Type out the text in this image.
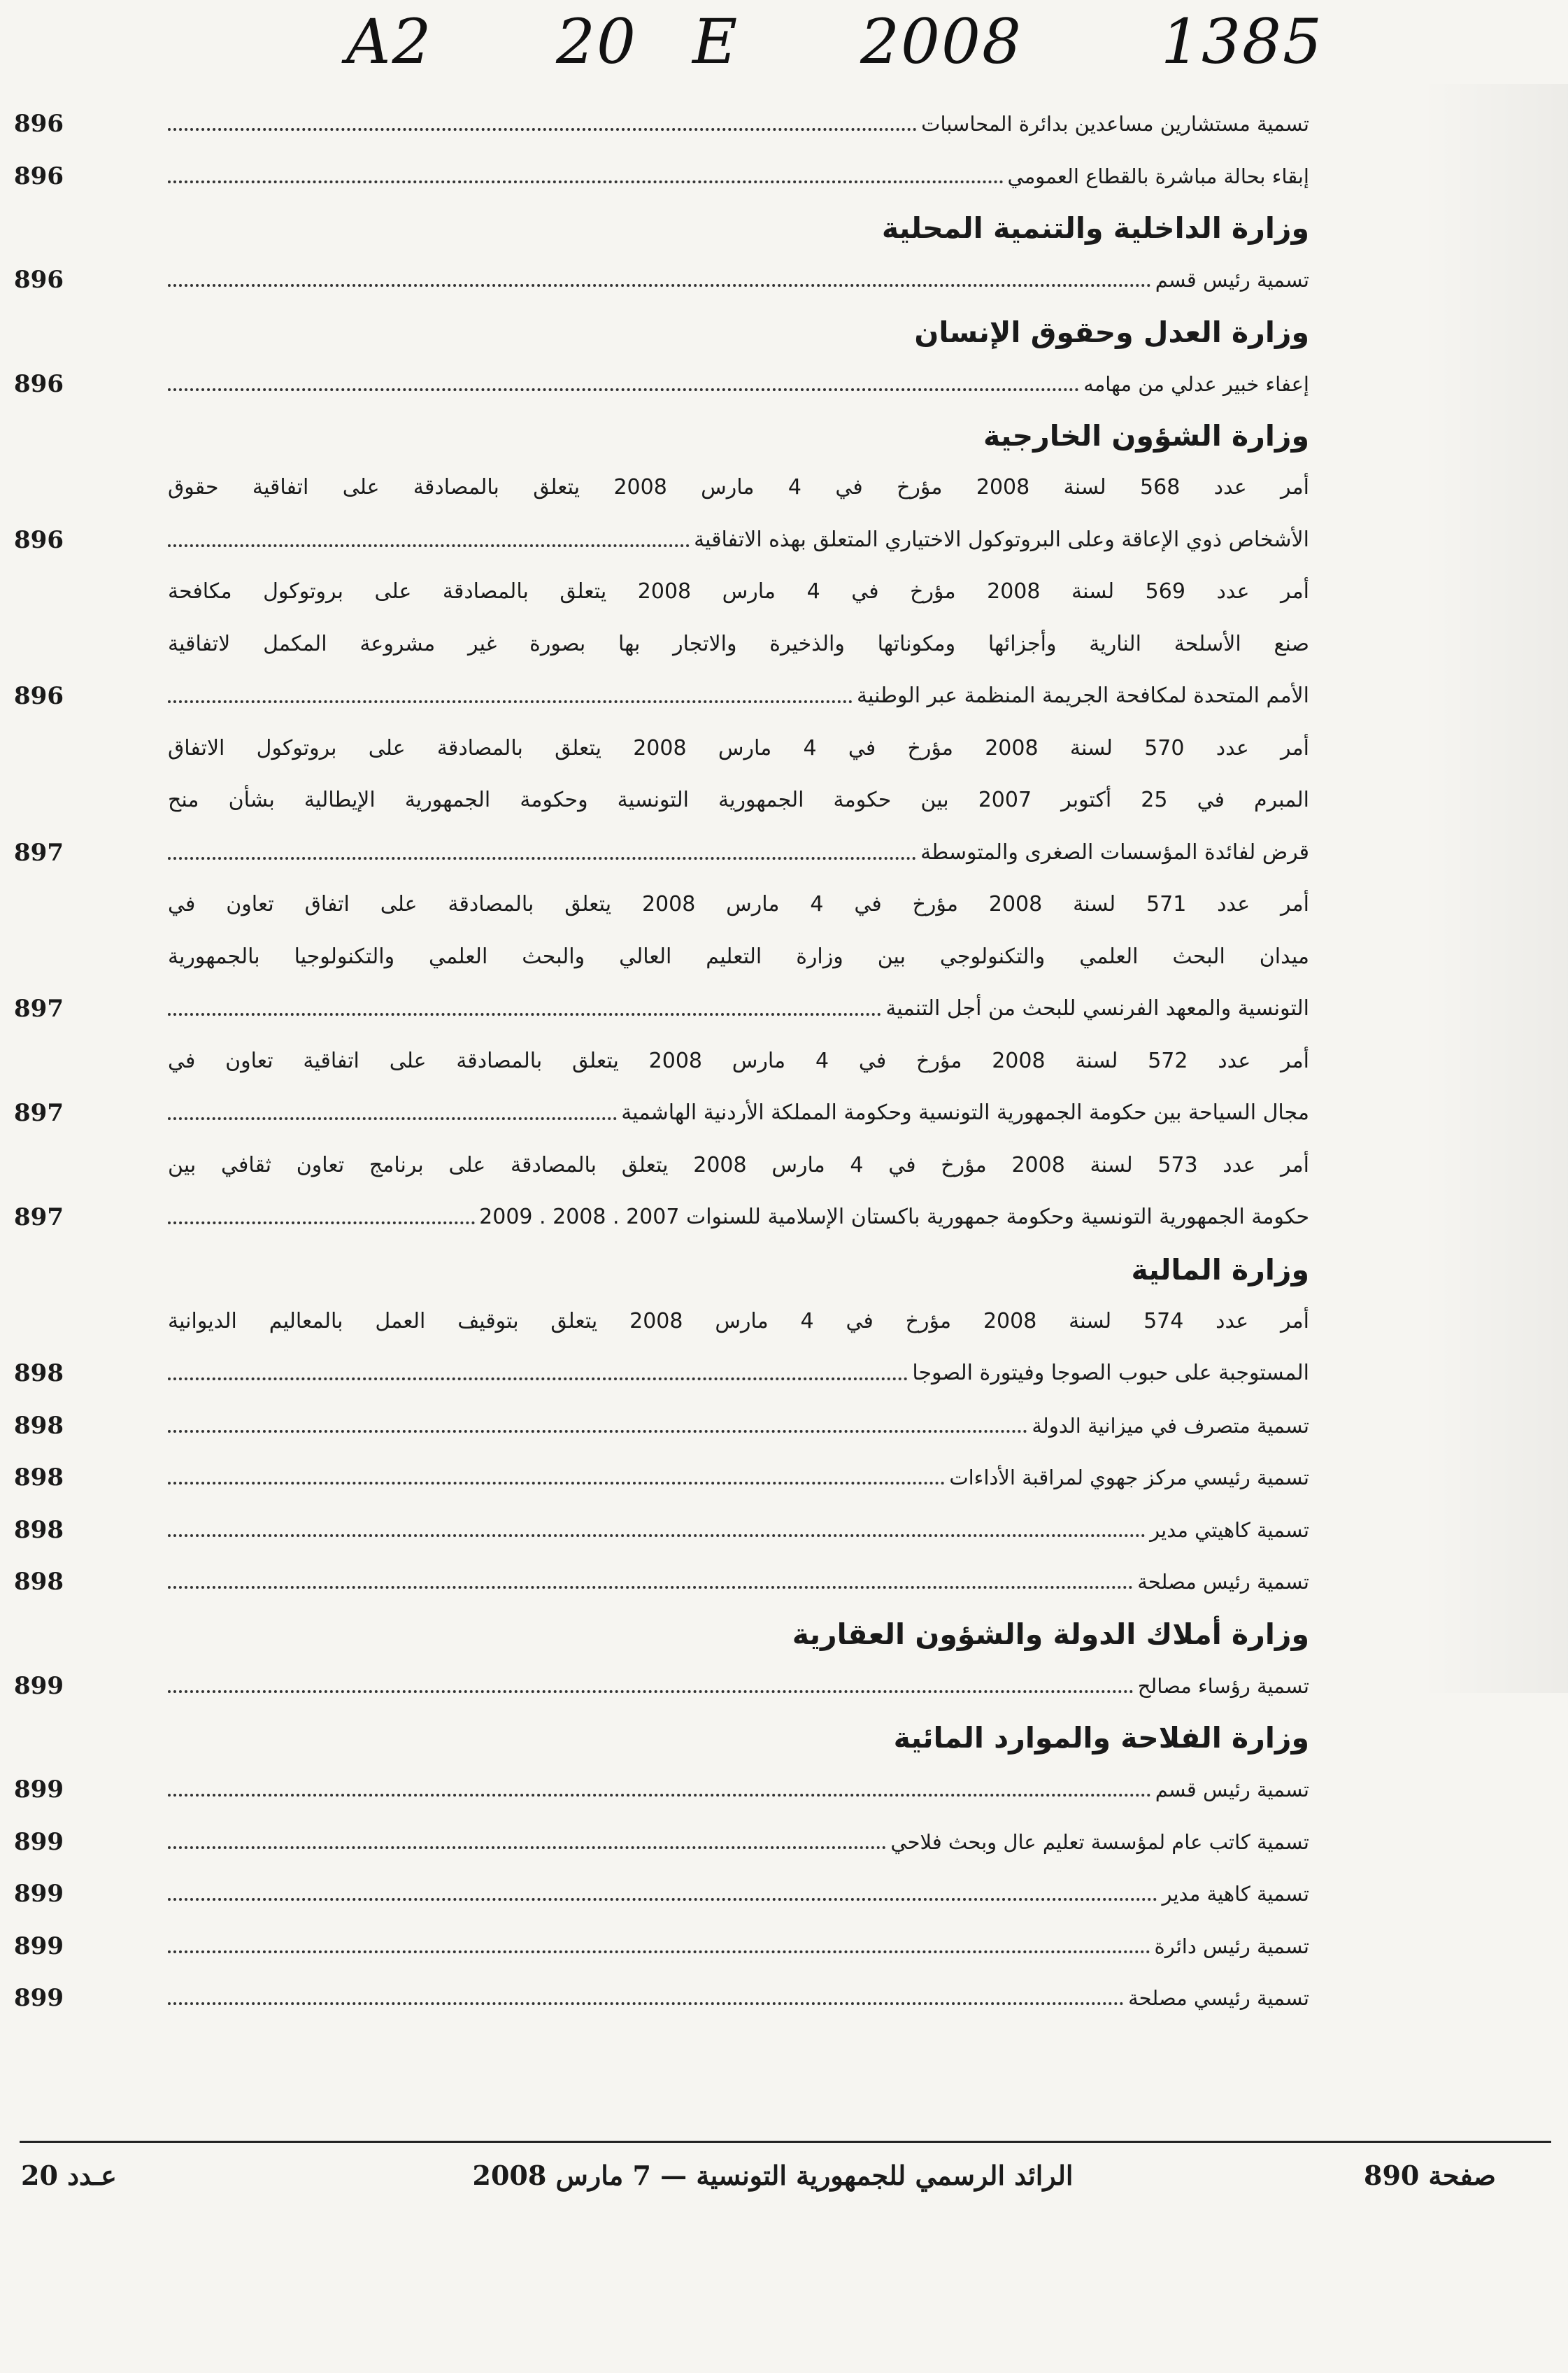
A2 20 E 2008 1385
تسمية مستشارين مساعدين بدائرة المحاسبات
896
إبقاء بحالة مباشرة بالقطاع العمومي
896
وزارة الداخلية والتنمية المحلية
تسمية رئيس قسم
896
وزارة العدل وحقوق الإنسان
إعفاء خبير عدلي من مهامه
896
وزارة الشؤون الخارجية
أمر عدد 568 لسنة 2008 مؤرخ في 4 مارس 2008 يتعلق بالمصادقة على اتفاقية حقوق
الأشخاص ذوي الإعاقة وعلى البروتوكول الاختياري المتعلق بهذه الاتفاقية
896
أمر عدد 569 لسنة 2008 مؤرخ في 4 مارس 2008 يتعلق بالمصادقة على بروتوكول مكافحة
صنع الأسلحة النارية وأجزائها ومكوناتها والذخيرة والاتجار بها بصورة غير مشروعة المكمل لاتفاقية
الأمم المتحدة لمكافحة الجريمة المنظمة عبر الوطنية
896
أمر عدد 570 لسنة 2008 مؤرخ في 4 مارس 2008 يتعلق بالمصادقة على بروتوكول الاتفاق
المبرم في 25 أكتوبر 2007 بين حكومة الجمهورية التونسية وحكومة الجمهورية الإيطالية بشأن منح
قرض لفائدة المؤسسات الصغرى والمتوسطة
897
أمر عدد 571 لسنة 2008 مؤرخ في 4 مارس 2008 يتعلق بالمصادقة على اتفاق تعاون في
ميدان البحث العلمي والتكنولوجي بين وزارة التعليم العالي والبحث العلمي والتكنولوجيا بالجمهورية
التونسية والمعهد الفرنسي للبحث من أجل التنمية
897
أمر عدد 572 لسنة 2008 مؤرخ في 4 مارس 2008 يتعلق بالمصادقة على اتفاقية تعاون في
مجال السياحة بين حكومة الجمهورية التونسية وحكومة المملكة الأردنية الهاشمية
897
أمر عدد 573 لسنة 2008 مؤرخ في 4 مارس 2008 يتعلق بالمصادقة على برنامج تعاون ثقافي بين
حكومة الجمهورية التونسية وحكومة جمهورية باكستان الإسلامية للسنوات 2007 . 2008 . 2009
897
وزارة المالية
أمر عدد 574 لسنة 2008 مؤرخ في 4 مارس 2008 يتعلق بتوقيف العمل بالمعاليم الديوانية
المستوجبة على حبوب الصوجا وفيتورة الصوجا
898
تسمية متصرف في ميزانية الدولة
898
تسمية رئيسي مركز جهوي لمراقبة الأداءات
898
تسمية كاهيتي مدير
898
تسمية رئيس مصلحة
898
وزارة أملاك الدولة والشؤون العقارية
تسمية رؤساء مصالح
899
وزارة الفلاحة والموارد المائية
تسمية رئيس قسم
899
تسمية كاتب عام لمؤسسة تعليم عال وبحث فلاحي
899
تسمية كاهية مدير
899
تسمية رئيس دائرة
899
تسمية رئيسي مصلحة
899
صفحة 890
الرائد الرسمي للجمهورية التونسية — 7 مارس 2008
عـدد 20
